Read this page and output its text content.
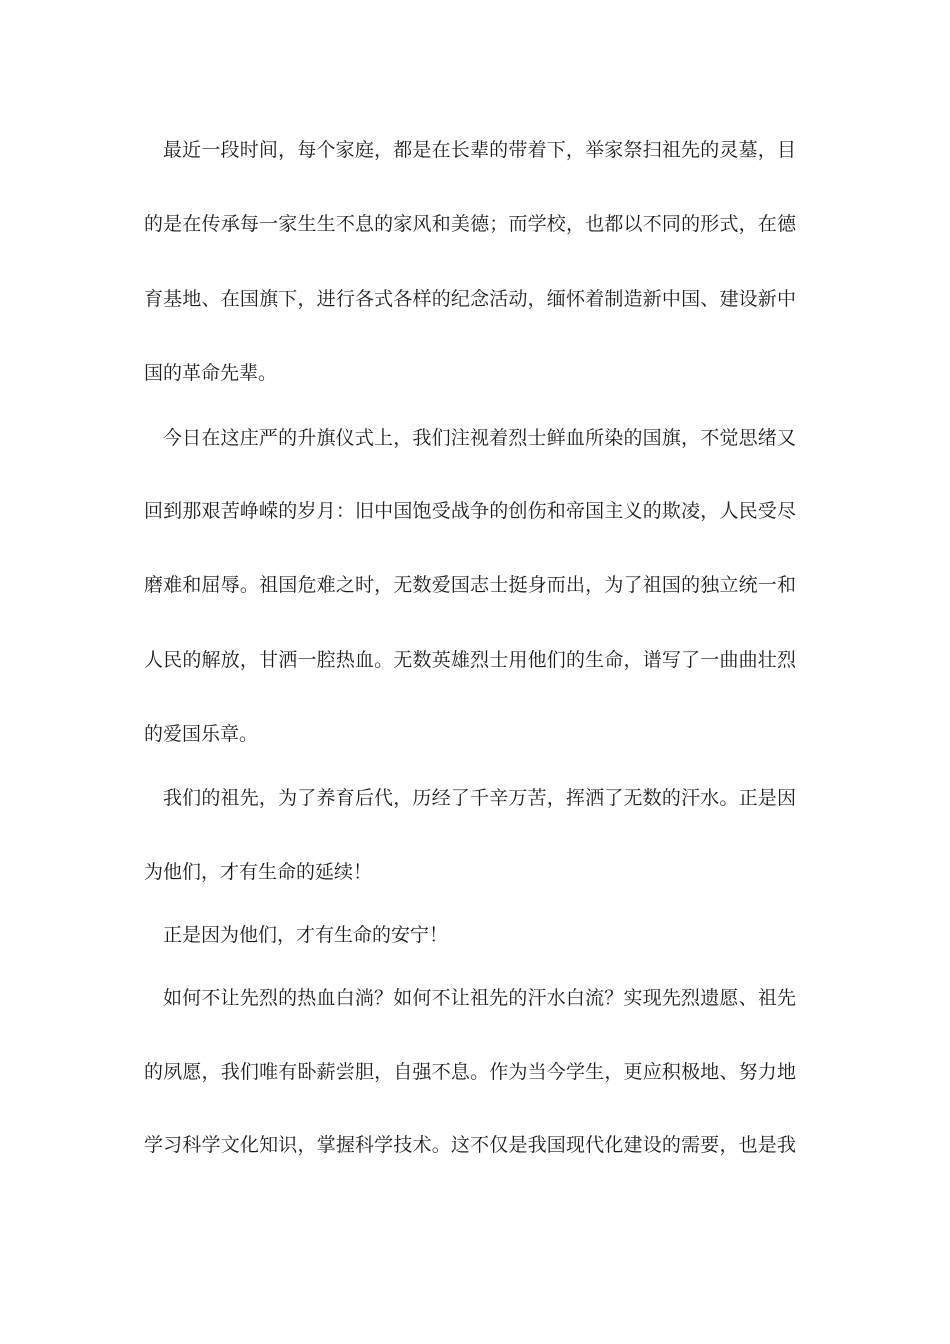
最近一段时间，每个家庭，都是在长辈的带着下，举家祭扫祖先的灵墓，目
的是在传承每一家生生不息的家风和美德；而学校，也都以不同的形式，在德
育基地、在国旗下，进行各式各样的纪念活动，缅怀着制造新中国、建设新中
国的革命先辈。
今日在这庄严的升旗仪式上，我们注视着烈士鲜血所染的国旗，不觉思绪又
回到那艰苦峥嵘的岁月：旧中国饱受战争的创伤和帝国主义的欺凌，人民受尽
磨难和屈辱。祖国危难之时，无数爱国志士挺身而出，为了祖国的独立统一和
人民的解放，甘洒一腔热血。无数英雄烈士用他们的生命，谱写了一曲曲壮烈
的爱国乐章。
我们的祖先，为了养育后代，历经了千辛万苦，挥洒了无数的汗水。正是因
为他们，才有生命的延续！
正是因为他们，才有生命的安宁！
如何不让先烈的热血白淌？如何不让祖先的汗水白流？实现先烈遗愿、祖先
的夙愿，我们唯有卧薪尝胆，自强不息。作为当今学生，更应积极地、努力地
学习科学文化知识，掌握科学技术。这不仅是我国现代化建设的需要，也是我
